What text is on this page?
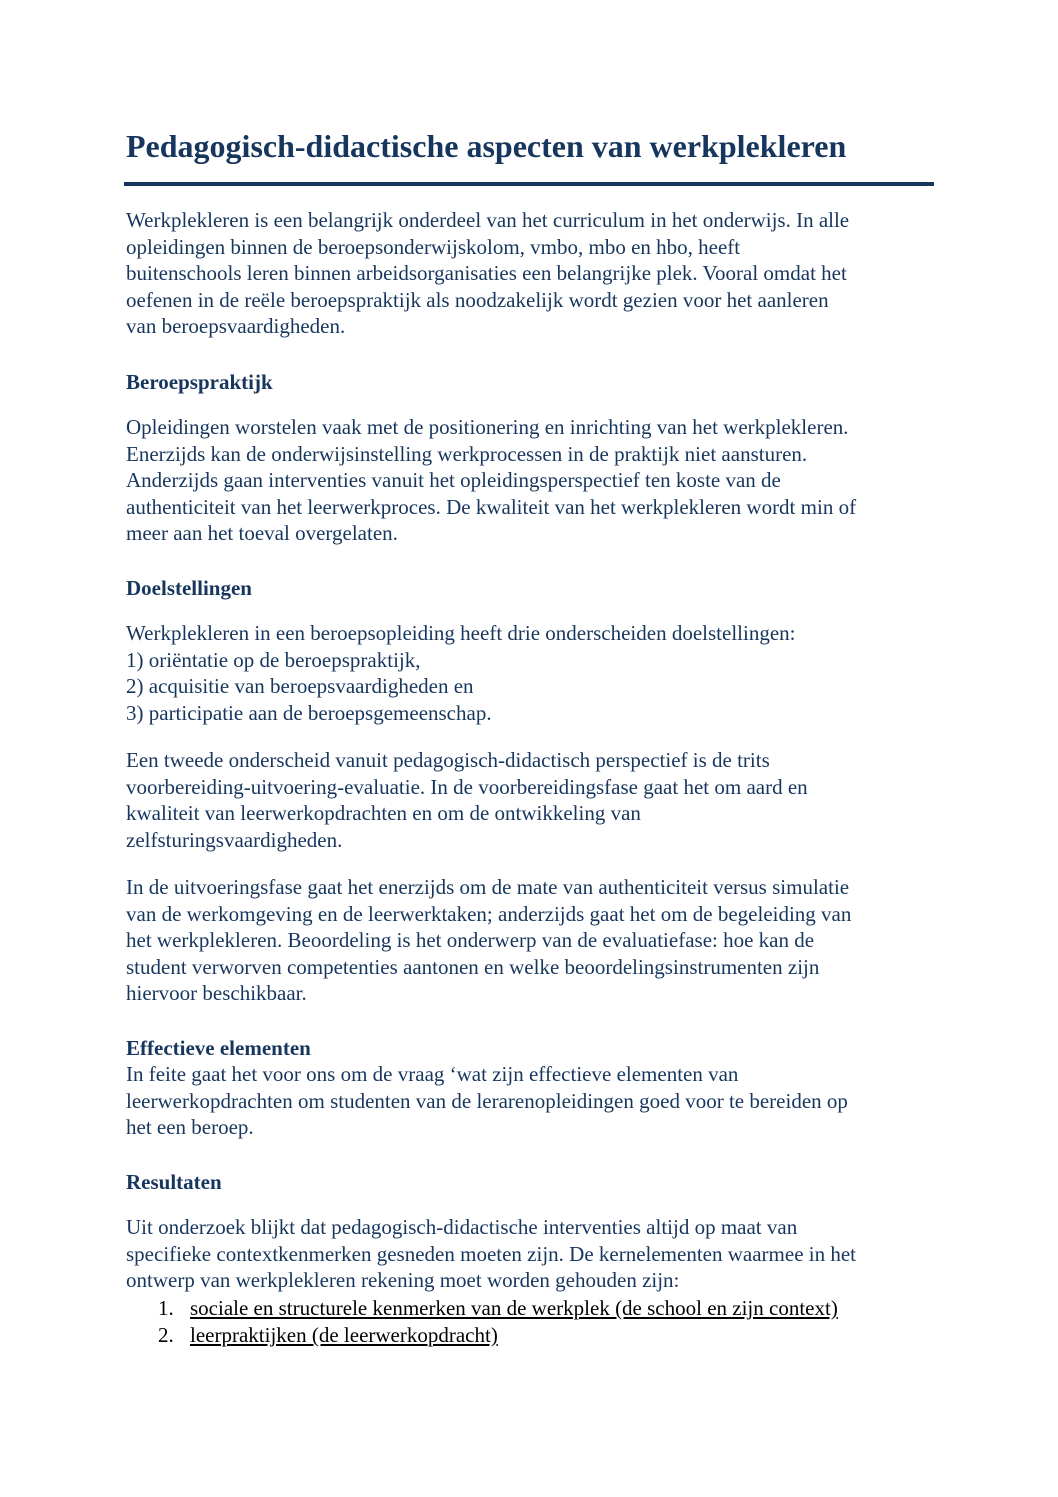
Pedagogisch-didactische aspecten van werkplekleren
Werkplekleren is een belangrijk onderdeel van het curriculum in het onderwijs. In alle
opleidingen binnen de beroepsonderwijskolom, vmbo, mbo en hbo, heeft
buitenschools leren binnen arbeidsorganisaties een belangrijke plek. Vooral omdat het
oefenen in de reële beroepspraktijk als noodzakelijk wordt gezien voor het aanleren
van beroepsvaardigheden.
Beroepspraktijk
Opleidingen worstelen vaak met de positionering en inrichting van het werkplekleren.
Enerzijds kan de onderwijsinstelling werkprocessen in de praktijk niet aansturen.
Anderzijds gaan interventies vanuit het opleidingsperspectief ten koste van de
authenticiteit van het leerwerkproces. De kwaliteit van het werkplekleren wordt min of
meer aan het toeval overgelaten.
Doelstellingen
Werkplekleren in een beroepsopleiding heeft drie onderscheiden doelstellingen:
1) oriëntatie op de beroepspraktijk,
2) acquisitie van beroepsvaardigheden en
3) participatie aan de beroepsgemeenschap.
Een tweede onderscheid vanuit pedagogisch-didactisch perspectief is de trits
voorbereiding-uitvoering-evaluatie. In de voorbereidingsfase gaat het om aard en
kwaliteit van leerwerkopdrachten en om de ontwikkeling van
zelfsturingsvaardigheden.
In de uitvoeringsfase gaat het enerzijds om de mate van authenticiteit versus simulatie
van de werkomgeving en de leerwerktaken; anderzijds gaat het om de begeleiding van
het werkplekleren. Beoordeling is het onderwerp van de evaluatiefase: hoe kan de
student verworven competenties aantonen en welke beoordelingsinstrumenten zijn
hiervoor beschikbaar.
Effectieve elementen
In feite gaat het voor ons om de vraag ‘wat zijn effectieve elementen van
leerwerkopdrachten om studenten van de lerarenopleidingen goed voor te bereiden op
het een beroep.
Resultaten
Uit onderzoek blijkt dat pedagogisch-didactische interventies altijd op maat van
specifieke contextkenmerken gesneden moeten zijn. De kernelementen waarmee in het
ontwerp van werkplekleren rekening moet worden gehouden zijn:
1. sociale en structurele kenmerken van de werkplek (de school en zijn context)
2. leerpraktijken (de leerwerkopdracht)
